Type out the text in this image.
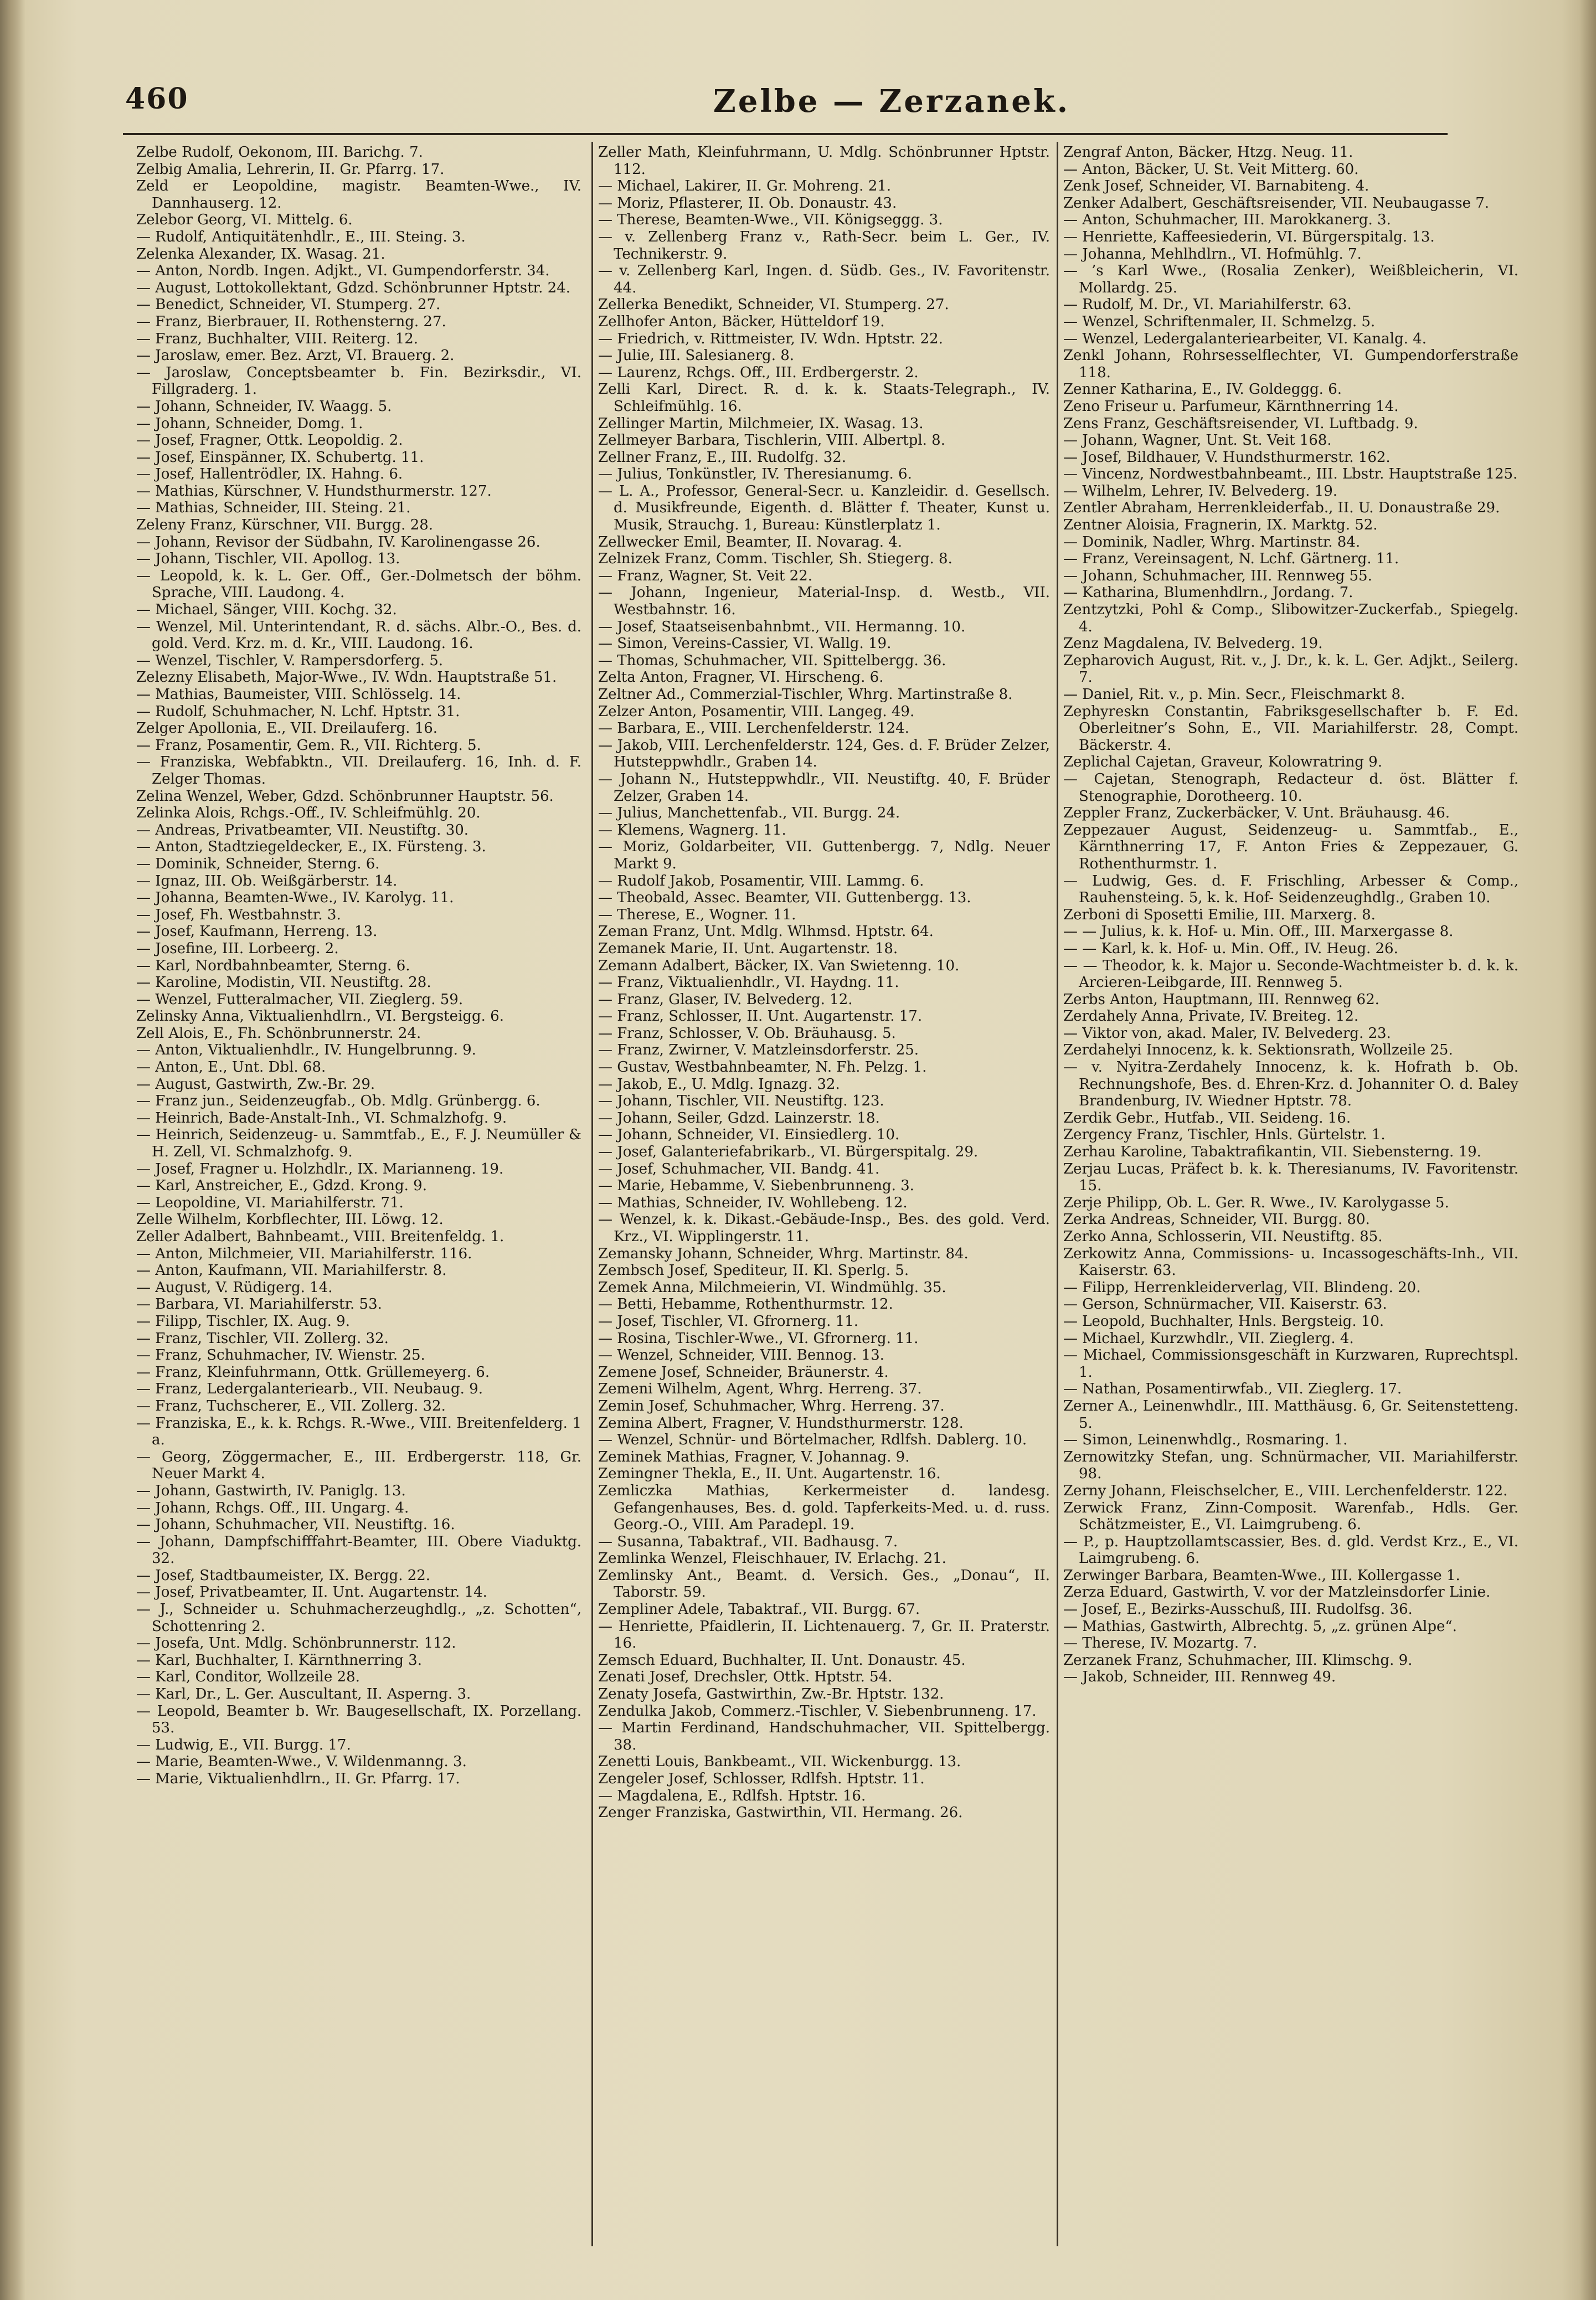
460	Zelbe — Zerzanek.

Zelbe Rudolf, Oekonom, III. Barichg. 7.

Zelbig Amalia, Lehrerin, II. Gr. Pfarrg. 17.

Zeld er Leopoldine, magistr. Beamten-Wwe., IV. Dannhauserg. 12.

Zelebor Georg, VI. Mittelg. 6.

— Rudolf, Antiquitätenhdlr., E., III. Steing. 3.

Zelenka Alexander, IX. Wasag. 21.

— Anton, Nordb. Ingen. Adjkt., VI. Gumpendorferstr. 34.

— August, Lottokollektant, Gdzd. Schönbrunner Hptstr. 24.

— Benedict, Schneider, VI. Stumperg. 27.

— Franz, Bierbrauer, II. Rothensterng. 27.

— Franz, Buchhalter, VIII. Reiterg. 12.

— Jaroslaw, emer. Bez. Arzt, VI. Brauerg. 2.

— Jaroslaw, Conceptsbeamter b. Fin. Bezirksdir., VI. Fillgraderg. 1.

— Johann, Schneider, IV. Waagg. 5.

— Johann, Schneider, Domg. 1.

— Josef, Fragner, Ottk. Leopoldig. 2.

— Josef, Einspänner, IX. Schubertg. 11.

— Josef, Hallentrödler, IX. Hahng. 6.

— Mathias, Kürschner, V. Hundsthurmerstr. 127.

— Mathias, Schneider, III. Steing. 21.

Zeleny Franz, Kürschner, VII. Burgg. 28.

— Johann, Revisor der Südbahn, IV. Karolinengasse 26.

— Johann, Tischler, VII. Apollog. 13.

— Leopold, k. k. L. Ger. Off., Ger.-Dolmetsch der böhm. Sprache, VIII. Laudong. 4.

— Michael, Sänger, VIII. Kochg. 32.

— Wenzel, Mil. Unterintendant, R. d. sächs. Albr.-O., Bes. d. gold. Verd. Krz. m. d. Kr., VIII. Laudong. 16.

— Wenzel, Tischler, V. Rampersdorferg. 5.

Zelezny Elisabeth, Major-Wwe., IV. Wdn. Hauptstraße 51.

— Mathias, Baumeister, VIII. Schlösselg. 14.

— Rudolf, Schuhmacher, N. Lchf. Hptstr. 31.

Zelger Apollonia, E., VII. Dreilauferg. 16.

— Franz, Posamentir, Gem. R., VII. Richterg. 5.

— Franziska, Webfabktn., VII. Dreilauferg. 16, Inh. d. F. Zelger Thomas.

Zelina Wenzel, Weber, Gdzd. Schönbrunner Hauptstr. 56.

Zelinka Alois, Rchgs.-Off., IV. Schleifmühlg. 20.

— Andreas, Privatbeamter, VII. Neustiftg. 30.

— Anton, Stadtziegeldecker, E., IX. Fürsteng. 3.

— Dominik, Schneider, Sterng. 6.

— Ignaz, III. Ob. Weißgärberstr. 14.

— Johanna, Beamten-Wwe., IV. Karolyg. 11.

— Josef, Fh. Westbahnstr. 3.

— Josef, Kaufmann, Herreng. 13.

— Josefine, III. Lorbeerg. 2.

— Karl, Nordbahnbeamter, Sterng. 6.

— Karoline, Modistin, VII. Neustiftg. 28.

— Wenzel, Futteralmacher, VII. Zieglerg. 59.

Zelinsky Anna, Viktualienhdlrn., VI. Bergsteigg. 6.

Zell Alois, E., Fh. Schönbrunnerstr. 24.

— Anton, Viktualienhdlr., IV. Hungelbrunng. 9.

— Anton, E., Unt. Dbl. 68.

— August, Gastwirth, Zw.-Br. 29.

— Franz jun., Seidenzeugfab., Ob. Mdlg. Grünbergg. 6.

— Heinrich, Bade-Anstalt-Inh., VI. Schmalzhofg. 9.

— Heinrich, Seidenzeug- u. Sammtfab., E., F. J. Neumüller & H. Zell, VI. Schmalzhofg. 9.

— Josef, Fragner u. Holzhdlr., IX. Marianneng. 19.

— Karl, Anstreicher, E., Gdzd. Krong. 9.

— Leopoldine, VI. Mariahilferstr. 71.

Zelle Wilhelm, Korbflechter, III. Löwg. 12.

Zeller Adalbert, Bahnbeamt., VIII. Breitenfeldg. 1.

— Anton, Milchmeier, VII. Mariahilferstr. 116.

— Anton, Kaufmann, VII. Mariahilferstr. 8.

— August, V. Rüdigerg. 14.

— Barbara, VI. Mariahilferstr. 53.

— Filipp, Tischler, IX. Aug. 9.

— Franz, Tischler, VII. Zollerg. 32.

— Franz, Schuhmacher, IV. Wienstr. 25.

— Franz, Kleinfuhrmann, Ottk. Grüllemeyerg. 6.

— Franz, Ledergalanteriearb., VII. Neubaug. 9.

— Franz, Tuchscherer, E., VII. Zollerg. 32.

— Franziska, E., k. k. Rchgs. R.-Wwe., VIII. Breitenfelderg. 1 a.

— Georg, Zöggermacher, E., III. Erdbergerstr. 118, Gr. Neuer Markt 4.

— Johann, Gastwirth, IV. Paniglg. 13.

— Johann, Rchgs. Off., III. Ungarg. 4.

— Johann, Schuhmacher, VII. Neustiftg. 16.

— Johann, Dampfschifffahrt-Beamter, III. Obere Viaduktg. 32.

— Josef, Stadtbaumeister, IX. Bergg. 22.

— Josef, Privatbeamter, II. Unt. Augartenstr. 14.

— J., Schneider u. Schuhmacherzeughdlg., „z. Schotten“, Schottenring 2.

— Josefa, Unt. Mdlg. Schönbrunnerstr. 112.

— Karl, Buchhalter, I. Kärnthnerring 3.

— Karl, Conditor, Wollzeile 28.

— Karl, Dr., L. Ger. Auscultant, II. Asperng. 3.

— Leopold, Beamter b. Wr. Baugesellschaft, IX. Porzellang. 53.

— Ludwig, E., VII. Burgg. 17.

— Marie, Beamten-Wwe., V. Wildenmanng. 3.

— Marie, Viktualienhdlrn., II. Gr. Pfarrg. 17.

Zeller Math, Kleinfuhrmann, U. Mdlg. Schönbrunner Hptstr. 112.

— Michael, Lakirer, II. Gr. Mohreng. 21.

— Moriz, Pflasterer, II. Ob. Donaustr. 43.

— Therese, Beamten-Wwe., VII. Königseggg. 3.

— v. Zellenberg Franz v., Rath-Secr. beim L. Ger., IV. Technikerstr. 9.

— v. Zellenberg Karl, Ingen. d. Südb. Ges., IV. Favoritenstr. 44.

Zellerka Benedikt, Schneider, VI. Stumperg. 27.

Zellhofer Anton, Bäcker, Hütteldorf 19.

— Friedrich, v. Rittmeister, IV. Wdn. Hptstr. 22.

— Julie, III. Salesianerg. 8.

— Laurenz, Rchgs. Off., III. Erdbergerstr. 2.

Zelli Karl, Direct. R. d. k. k. Staats-Telegraph., IV. Schleifmühlg. 16.

Zellinger Martin, Milchmeier, IX. Wasag. 13.

Zellmeyer Barbara, Tischlerin, VIII. Albertpl. 8.

Zellner Franz, E., III. Rudolfg. 32.

— Julius, Tonkünstler, IV. Theresianumg. 6.

— L. A., Professor, General-Secr. u. Kanzleidir. d. Gesellsch. d. Musikfreunde, Eigenth. d. Blätter f. Theater, Kunst u. Musik, Strauchg. 1, Bureau: Künstlerplatz 1.

Zellwecker Emil, Beamter, II. Novarag. 4.

Zelnizek Franz, Comm. Tischler, Sh. Stiegerg. 8.

— Franz, Wagner, St. Veit 22.

— Johann, Ingenieur, Material-Insp. d. Westb., VII. Westbahnstr. 16.

— Josef, Staatseisenbahnbmt., VII. Hermanng. 10.

— Simon, Vereins-Cassier, VI. Wallg. 19.

— Thomas, Schuhmacher, VII. Spittelbergg. 36.

Zelta Anton, Fragner, VI. Hirscheng. 6.

Zeltner Ad., Commerzial-Tischler, Whrg. Martinstraße 8.

Zelzer Anton, Posamentir, VIII. Langeg. 49.

— Barbara, E., VIII. Lerchenfelderstr. 124.

— Jakob, VIII. Lerchenfelderstr. 124, Ges. d. F. Brüder Zelzer, Hutsteppwhdlr., Graben 14.

— Johann N., Hutsteppwhdlr., VII. Neustiftg. 40, F. Brüder Zelzer, Graben 14.

— Julius, Manchettenfab., VII. Burgg. 24.

— Klemens, Wagnerg. 11.

— Moriz, Goldarbeiter, VII. Guttenbergg. 7, Ndlg. Neuer Markt 9.

— Rudolf Jakob, Posamentir, VIII. Lammg. 6.

— Theobald, Assec. Beamter, VII. Guttenbergg. 13.

— Therese, E., Wogner. 11.

Zeman Franz, Unt. Mdlg. Wlhmsd. Hptstr. 64.

Zemanek Marie, II. Unt. Augartenstr. 18.

Zemann Adalbert, Bäcker, IX. Van Swietenng. 10.

— Franz, Viktualienhdlr., VI. Haydng. 11.

— Franz, Glaser, IV. Belvederg. 12.

— Franz, Schlosser, II. Unt. Augartenstr. 17.

— Franz, Schlosser, V. Ob. Bräuhausg. 5.

— Franz, Zwirner, V. Matzleinsdorferstr. 25.

— Gustav, Westbahnbeamter, N. Fh. Pelzg. 1.

— Jakob, E., U. Mdlg. Ignazg. 32.

— Johann, Tischler, VII. Neustiftg. 123.

— Johann, Seiler, Gdzd. Lainzerstr. 18.

— Johann, Schneider, VI. Einsiedlerg. 10.

— Josef, Galanteriefabrikarb., VI. Bürgerspitalg. 29.

— Josef, Schuhmacher, VII. Bandg. 41.

— Marie, Hebamme, V. Siebenbrunneng. 3.

— Mathias, Schneider, IV. Wohllebeng. 12.

— Wenzel, k. k. Dikast.-Gebäude-Insp., Bes. des gold. Verd. Krz., VI. Wipplingerstr. 11.

Zemansky Johann, Schneider, Whrg. Martinstr. 84.

Zembsch Josef, Spediteur, II. Kl. Sperlg. 5.

Zemek Anna, Milchmeierin, VI. Windmühlg. 35.

— Betti, Hebamme, Rothenthurmstr. 12.

— Josef, Tischler, VI. Gfrornerg. 11.

— Rosina, Tischler-Wwe., VI. Gfrornerg. 11.

— Wenzel, Schneider, VIII. Bennog. 13.

Zemene Josef, Schneider, Bräunerstr. 4.

Zemeni Wilhelm, Agent, Whrg. Herreng. 37.

Zemin Josef, Schuhmacher, Whrg. Herreng. 37.

Zemina Albert, Fragner, V. Hundsthurmerstr. 128.

— Wenzel, Schnür- und Börtelmacher, Rdlfsh. Dablerg. 10.

Zeminek Mathias, Fragner, V. Johannag. 9.

Zemingner Thekla, E., II. Unt. Augartenstr. 16.

Zemliczka Mathias, Kerkermeister d. landesg. Gefangenhauses, Bes. d. gold. Tapferkeits-Med. u. d. russ. Georg.-O., VIII. Am Paradepl. 19.

— Susanna, Tabaktraf., VII. Badhausg. 7.

Zemlinka Wenzel, Fleischhauer, IV. Erlachg. 21.

Zemlinsky Ant., Beamt. d. Versich. Ges., „Donau“, II. Taborstr. 59.

Zempliner Adele, Tabaktraf., VII. Burgg. 67.

— Henriette, Pfaidlerin, II. Lichtenauerg. 7, Gr. II. Praterstr. 16.

Zemsch Eduard, Buchhalter, II. Unt. Donaustr. 45.

Zenati Josef, Drechsler, Ottk. Hptstr. 54.

Zenaty Josefa, Gastwirthin, Zw.-Br. Hptstr. 132.

Zendulka Jakob, Commerz.-Tischler, V. Siebenbrunneng. 17.

— Martin Ferdinand, Handschuhmacher, VII. Spittelbergg. 38.

Zenetti Louis, Bankbeamt., VII. Wickenburgg. 13.

Zengeler Josef, Schlosser, Rdlfsh. Hptstr. 11.

— Magdalena, E., Rdlfsh. Hptstr. 16.

Zenger Franziska, Gastwirthin, VII. Hermang. 26.

Zengraf Anton, Bäcker, Htzg. Neug. 11.

— Anton, Bäcker, U. St. Veit Mitterg. 60.

Zenk Josef, Schneider, VI. Barnabiteng. 4.

Zenker Adalbert, Geschäftsreisender, VII. Neubaugasse 7.

— Anton, Schuhmacher, III. Marokkanerg. 3.

— Henriette, Kaffeesiederin, VI. Bürgerspitalg. 13.

— Johanna, Mehlhdlrn., VI. Hofmühlg. 7.

— ’s Karl Wwe., (Rosalia Zenker), Weißbleicherin, VI. Mollardg. 25.

— Rudolf, M. Dr., VI. Mariahilferstr. 63.

— Wenzel, Schriftenmaler, II. Schmelzg. 5.

— Wenzel, Ledergalanteriearbeiter, VI. Kanalg. 4.

Zenkl Johann, Rohrsesselflechter, VI. Gumpendorferstraße 118.

Zenner Katharina, E., IV. Goldeggg. 6.

Zeno Friseur u. Parfumeur, Kärnthnerring 14.

Zens Franz, Geschäftsreisender, VI. Luftbadg. 9.

— Johann, Wagner, Unt. St. Veit 168.

— Josef, Bildhauer, V. Hundsthurmerstr. 162.

— Vincenz, Nordwestbahnbeamt., III. Lbstr. Hauptstraße 125.

— Wilhelm, Lehrer, IV. Belvederg. 19.

Zentler Abraham, Herrenkleiderfab., II. U. Donaustraße 29.

Zentner Aloisia, Fragnerin, IX. Marktg. 52.

— Dominik, Nadler, Whrg. Martinstr. 84.

— Franz, Vereinsagent, N. Lchf. Gärtnerg. 11.

— Johann, Schuhmacher, III. Rennweg 55.

— Katharina, Blumenhdlrn., Jordang. 7.

Zentzytzki, Pohl & Comp., Slibowitzer-Zuckerfab., Spiegelg. 4.

Zenz Magdalena, IV. Belvederg. 19.

Zepharovich August, Rit. v., J. Dr., k. k. L. Ger. Adjkt., Seilerg. 7.

— Daniel, Rit. v., p. Min. Secr., Fleischmarkt 8.

Zephyreskn Constantin, Fabriksgesellschafter b. F. Ed. Oberleitner’s Sohn, E., VII. Mariahilferstr. 28, Compt. Bäckerstr. 4.

Zeplichal Cajetan, Graveur, Kolowratring 9.

— Cajetan, Stenograph, Redacteur d. öst. Blätter f. Stenographie, Dorotheerg. 10.

Zeppler Franz, Zuckerbäcker, V. Unt. Bräuhausg. 46.

Zeppezauer August, Seidenzeug- u. Sammtfab., E., Kärnthnerring 17, F. Anton Fries & Zeppezauer, G. Rothenthurmstr. 1.

— Ludwig, Ges. d. F. Frischling, Arbesser & Comp., Rauhensteing. 5, k. k. Hof- Seidenzeughdlg., Graben 10.

Zerboni di Sposetti Emilie, III. Marxerg. 8.

— — Julius, k. k. Hof- u. Min. Off., III. Marxergasse 8.

— — Karl, k. k. Hof- u. Min. Off., IV. Heug. 26.

— — Theodor, k. k. Major u. Seconde-Wachtmeister b. d. k. k. Arcieren-Leibgarde, III. Rennweg 5.

Zerbs Anton, Hauptmann, III. Rennweg 62.

Zerdahely Anna, Private, IV. Breiteg. 12.

— Viktor von, akad. Maler, IV. Belvederg. 23.

Zerdahelyi Innocenz, k. k. Sektionsrath, Wollzeile 25.

— v. Nyitra-Zerdahely Innocenz, k. k. Hofrath b. Ob. Rechnungshofe, Bes. d. Ehren-Krz. d. Johanniter O. d. Baley Brandenburg, IV. Wiedner Hptstr. 78.

Zerdik Gebr., Hutfab., VII. Seideng. 16.

Zergency Franz, Tischler, Hnls. Gürtelstr. 1.

Zerhau Karoline, Tabaktrafikantin, VII. Siebensterng. 19.

Zerjau Lucas, Präfect b. k. k. Theresianums, IV. Favoritenstr. 15.

Zerje Philipp, Ob. L. Ger. R. Wwe., IV. Karolygasse 5.

Zerka Andreas, Schneider, VII. Burgg. 80.

Zerko Anna, Schlosserin, VII. Neustiftg. 85.

Zerkowitz Anna, Commissions- u. Incassogeschäfts-Inh., VII. Kaiserstr. 63.

— Filipp, Herrenkleiderverlag, VII. Blindeng. 20.

— Gerson, Schnürmacher, VII. Kaiserstr. 63.

— Leopold, Buchhalter, Hnls. Bergsteig. 10.

— Michael, Kurzwhdlr., VII. Zieglerg. 4.

— Michael, Commissionsgeschäft in Kurzwaren, Ruprechtspl. 1.

— Nathan, Posamentirwfab., VII. Zieglerg. 17.

Zerner A., Leinenwhdlr., III. Matthäusg. 6, Gr. Seitenstetteng. 5.

— Simon, Leinenwhdlg., Rosmaring. 1.

Zernowitzky Stefan, ung. Schnürmacher, VII. Mariahilferstr. 98.

Zerny Johann, Fleischselcher, E., VIII. Lerchenfelderstr. 122.

Zerwick Franz, Zinn-Composit. Warenfab., Hdls. Ger. Schätzmeister, E., VI. Laimgrubeng. 6.

— P., p. Hauptzollamtscassier, Bes. d. gld. Verdst Krz., E., VI. Laimgrubeng. 6.

Zerwinger Barbara, Beamten-Wwe., III. Kollergasse 1.

Zerza Eduard, Gastwirth, V. vor der Matzleinsdorfer Linie.

— Josef, E., Bezirks-Ausschuß, III. Rudolfsg. 36.

— Mathias, Gastwirth, Albrechtg. 5, „z. grünen Alpe“.

— Therese, IV. Mozartg. 7.

Zerzanek Franz, Schuhmacher, III. Klimschg. 9.

— Jakob, Schneider, III. Rennweg 49.
